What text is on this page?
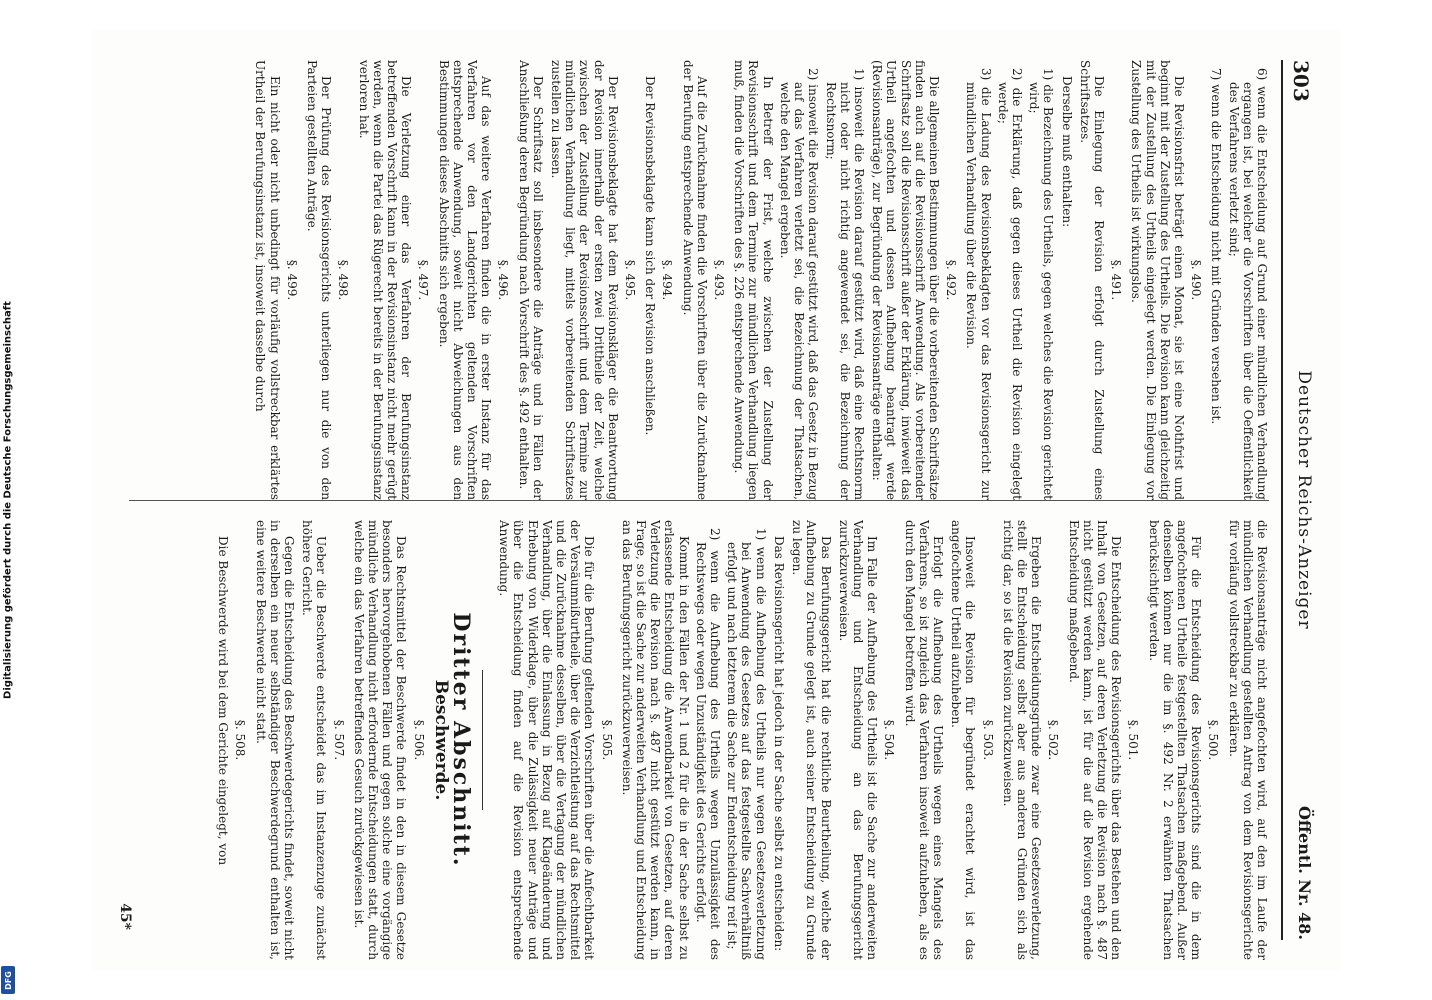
Digitalisierung gefördert durch die Deutsche Forschungsgemeinschaft
DFG
303
Deutscher Reichs-Anzeiger
Öffentl. Nr. 48.

6) wenn die Entscheidung auf Grund einer mündlichen Verhandlung ergangen ist, bei welcher die Vorschriften über die Oeffentlichkeit des Verfahrens verletzt sind;

7) wenn die Entscheidung nicht mit Gründen versehen ist.

§. 490.

Die Revisionsfrist beträgt einen Monat, sie ist eine Nothfrist und beginnt mit der Zustellung des Urtheils. Die Revision kann gleichzeitig mit der Zustellung des Urtheils eingelegt werden. Die Einlegung vor Zustellung des Urtheils ist wirkungslos.

§. 491.

Die Einlegung der Revision erfolgt durch Zustellung eines Schriftsatzes.

Derselbe muß enthalten:

1) die Bezeichnung des Urtheils, gegen welches die Revision gerichtet wird;

2) die Erklärung, daß gegen dieses Urtheil die Revision eingelegt werde;

3) die Ladung des Revisionsbeklagten vor das Revisionsgericht zur mündlichen Verhandlung über die Revision.

§. 492.

Die allgemeinen Bestimmungen über die vorbereitenden Schriftsätze finden auch auf die Revisionsschrift Anwendung. Als vorbereitender Schriftsatz soll die Revisionsschrift außer der Erklärung, inwieweit das Urtheil angefochten und dessen Aufhebung beantragt werde (Revisionsanträge), zur Begründung der Revisionsanträge enthalten:

1) insoweit die Revision darauf gestützt wird, daß eine Rechtsnorm nicht oder nicht richtig angewendet sei, die Bezeichnung der Rechtsnorm;

2) insoweit die Revision darauf gestützt wird, daß das Gesetz in Bezug auf das Verfahren verletzt sei, die Bezeichnung der Thatsachen, welche den Mangel ergeben.

In Betreff der Frist, welche zwischen der Zustellung der Revisionsschrift und dem Termine zur mündlichen Verhandlung liegen muß, finden die Vorschriften des §. 226 entsprechende Anwendung.

§. 493.

Auf die Zurücknahme finden die Vorschriften über die Zurücknahme der Berufung entsprechende Anwendung.

§. 494.

Der Revisionsbeklagte kann sich der Revision anschließen.

§. 495.

Der Revisionsbeklagte hat dem Revisionskläger die Beantwortung der Revision innerhalb der ersten zwei Drittheile der Zeit, welche zwischen der Zustellung der Revisionsschrift und dem Termine zur mündlichen Verhandlung liegt, mittels vorbereitenden Schriftsatzes zustellen zu lassen.

Der Schriftsatz soll insbesondere die Anträge und in Fällen der Anschließung deren Begründung nach Vorschrift des §. 492 enthalten.

§. 496.

Auf das weitere Verfahren finden die in erster Instanz für das Verfahren vor den Landgerichten geltenden Vorschriften entsprechende Anwendung, soweit nicht Abweichungen aus den Bestimmungen dieses Abschnitts sich ergeben.

§. 497.

Die Verletzung einer das Verfahren der Berufungsinstanz betreffenden Vorschrift kann in der Revisionsinstanz nicht mehr gerügt werden, wenn die Partei das Rügerecht bereits in der Berufungsinstanz verloren hat.

§. 498.

Der Prüfung des Revisionsgerichts unterliegen nur die von den Parteien gestellten Anträge.

§. 499.

Ein nicht oder nicht unbedingt für vorläufig vollstreckbar erklärtes Urtheil der Berufungsinstanz ist, insoweit dasselbe durch

die Revisionsanträge nicht angefochten wird, auf den im Laufe der mündlichen Verhandlung gestellten Antrag von dem Revisionsgerichte für vorläufig vollstreckbar zu erklären.

§. 500.

Für die Entscheidung des Revisionsgerichts sind die in dem angefochtenen Urtheile festgestellten Thatsachen maßgebend. Außer denselben können nur die im §. 492 Nr. 2 erwähnten Thatsachen berücksichtigt werden.

§. 501.

Die Entscheidung des Revisionsgerichts über das Bestehen und den Inhalt von Gesetzen, auf deren Verletzung die Revision nach §. 487 nicht gestützt werden kann, ist für die auf die Revision ergehende Entscheidung maßgebend.

§. 502.

Ergeben die Entscheidungsgründe zwar eine Gesetzesverletzung, stellt die Entscheidung selbst aber aus anderen Gründen sich als richtig dar, so ist die Revision zurückzuweisen.

§. 503.

Insoweit die Revision für begründet erachtet wird, ist das angefochtene Urtheil aufzuheben.

Erfolgt die Aufhebung des Urtheils wegen eines Mangels des Verfahrens, so ist zugleich das Verfahren insoweit aufzuheben, als es durch den Mangel betroffen wird.

§. 504.

Im Falle der Aufhebung des Urtheils ist die Sache zur anderweiten Verhandlung und Entscheidung an das Berufungsgericht zurückzuverweisen.

Das Berufungsgericht hat die rechtliche Beurtheilung, welche der Aufhebung zu Grunde gelegt ist, auch seiner Entscheidung zu Grunde zu legen.

Das Revisionsgericht hat jedoch in der Sache selbst zu entscheiden:

1) wenn die Aufhebung des Urtheils nur wegen Gesetzesverletzung bei Anwendung des Gesetzes auf das festgestellte Sachverhältniß erfolgt und nach letzterem die Sache zur Endentscheidung reif ist;

2) wenn die Aufhebung des Urtheils wegen Unzulässigkeit des Rechtswegs oder wegen Unzuständigkeit des Gerichts erfolgt.

Kommt in den Fällen der Nr. 1 und 2 für die in der Sache selbst zu erlassende Entscheidung die Anwendbarkeit von Gesetzen, auf deren Verletzung die Revision nach §. 487 nicht gestützt werden kann, in Frage, so ist die Sache zur anderweiten Verhandlung und Entscheidung an das Berufungsgericht zurückzuverweisen.

§. 505.

Die für die Berufung geltenden Vorschriften über die Anfechtbarkeit der Versäumnißurtheile, über die Verzichtleistung auf das Rechtsmittel und die Zurücknahme desselben, über die Vertagung der mündlichen Verhandlung, über die Einlassung in Bezug auf Klageänderung und Erhebung von Widerklage, über die Zulässigkeit neuer Anträge und über die Entscheidung finden auf die Revision entsprechende Anwendung.

Dritter Abschnitt.
Beschwerde.
§. 506.

Das Rechtsmittel der Beschwerde findet in den in diesem Gesetze besonders hervorgehobenen Fällen und gegen solche eine vorgängige mündliche Verhandlung nicht erfordernde Entscheidungen statt, durch welche ein das Verfahren betreffendes Gesuch zurückgewiesen ist.

§. 507.

Ueber die Beschwerde entscheidet das im Instanzenzuge zunächst höhere Gericht.

Gegen die Entscheidung des Beschwerdegerichts findet, soweit nicht in derselben ein neuer selbständiger Beschwerdegrund enthalten ist, eine weitere Beschwerde nicht statt.

§. 508.

Die Beschwerde wird bei dem Gerichte eingelegt, von

45*
